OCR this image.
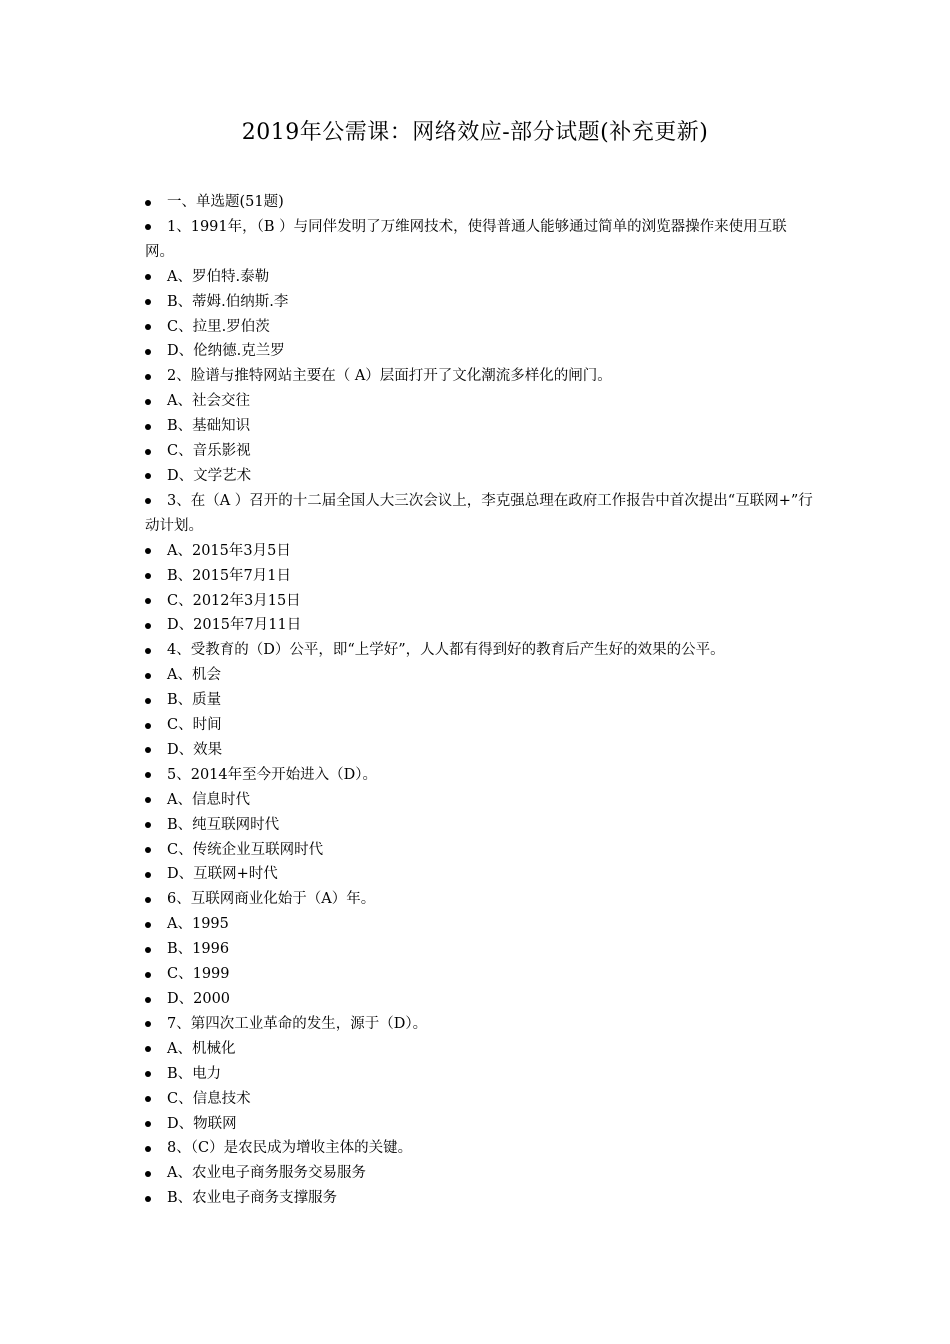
2019年公需课：网络效应-部分试题(补充更新)
一、单选题(51题)
1、1991年，（B ）与同伴发明了万维网技术，使得普通人能够通过简单的浏览器操作来使用互联网。
A、罗伯特.泰勒
B、蒂姆.伯纳斯.李
C、拉里.罗伯茨
D、伦纳德.克兰罗
2、脸谱与推特网站主要在（ A）层面打开了文化潮流多样化的闸门。
A、社会交往
B、基础知识
C、音乐影视
D、文学艺术
3、在（A ）召开的十二届全国人大三次会议上，李克强总理在政府工作报告中首次提出“互联网+”行动计划。
A、2015年3月5日
B、2015年7月1日
C、2012年3月15日
D、2015年7月11日
4、受教育的（D）公平，即“上学好”，人人都有得到好的教育后产生好的效果的公平。
A、机会
B、质量
C、时间
D、效果
5、2014年至今开始进入（D）。
A、信息时代
B、纯互联网时代
C、传统企业互联网时代
D、互联网+时代
6、互联网商业化始于（A）年。
A、1995
B、1996
C、1999
D、2000
7、第四次工业革命的发生，源于（D）。
A、机械化
B、电力
C、信息技术
D、物联网
8、（C）是农民成为增收主体的关键。
A、农业电子商务服务交易服务
B、农业电子商务支撑服务
